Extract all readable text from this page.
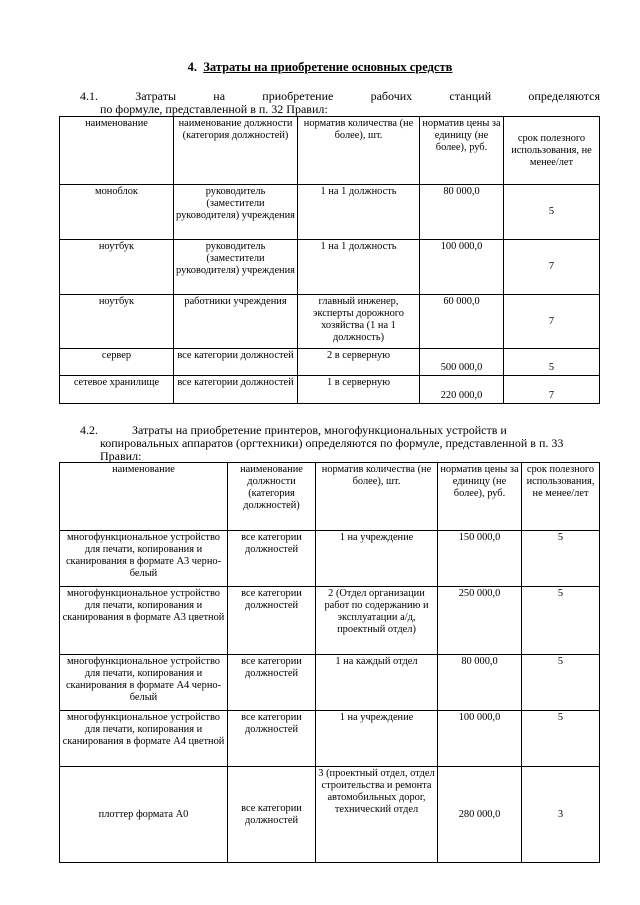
4. Затраты на приобретение основных средств
4.1.	Затраты	на	приобретение	рабочих	станций	определяются
по формуле, представленной в п. 32 Правил:
наименование	наименование должности (категория должностей)	норматив количества (не более), шт.	норматив цены за единицу (не более), руб.	срок полезного использования, не менее/лет
моноблок	руководитель (заместители руководителя) учреждения	1 на 1 должность	80 000,0	5
ноутбук	руководитель (заместители руководителя) учреждения	1 на 1 должность	100 000,0	7
ноутбук	работники учреждения	главный инженер, эксперты дорожного хозяйства (1 на 1 должность)	60 000,0	7
сервер	все категории должностей	2 в серверную	500 000,0	5
сетевое хранилище	все категории должностей	1 в серверную	220 000,0	7
4.2.	Затраты на приобретение принтеров, многофункциональных устройств и
копировальных аппаратов (оргтехники) определяются по формуле, представленной в п. 33 Правил:
наименование	наименование должности (категория должностей)	норматив количества (не более), шт.	норматив цены за единицу (не более), руб.	срок полезного использования, не менее/лет
многофункциональное устройство для печати, копирования и сканирования в формате А3 черно-белый	все категории должностей	1 на учреждение	150 000,0	5
многофункциональное устройство для печати, копирования и сканирования в формате А3 цветной	все категории должностей	2 (Отдел организации работ по содержанию и эксплуатации а/д, проектный отдел)	250 000,0	5
многофункциональное устройство для печати, копирования и сканирования в формате А4 черно-белый	все категории должностей	1 на каждый отдел	80 000,0	5
многофункциональное устройство для печати, копирования и сканирования в формате А4 цветной	все категории должностей	1 на учреждение	100 000,0	5
плоттер формата А0	все категории должностей	3 (проектный отдел, отдел строительства и ремонта автомобильных дорог, технический отдел	280 000,0	3
